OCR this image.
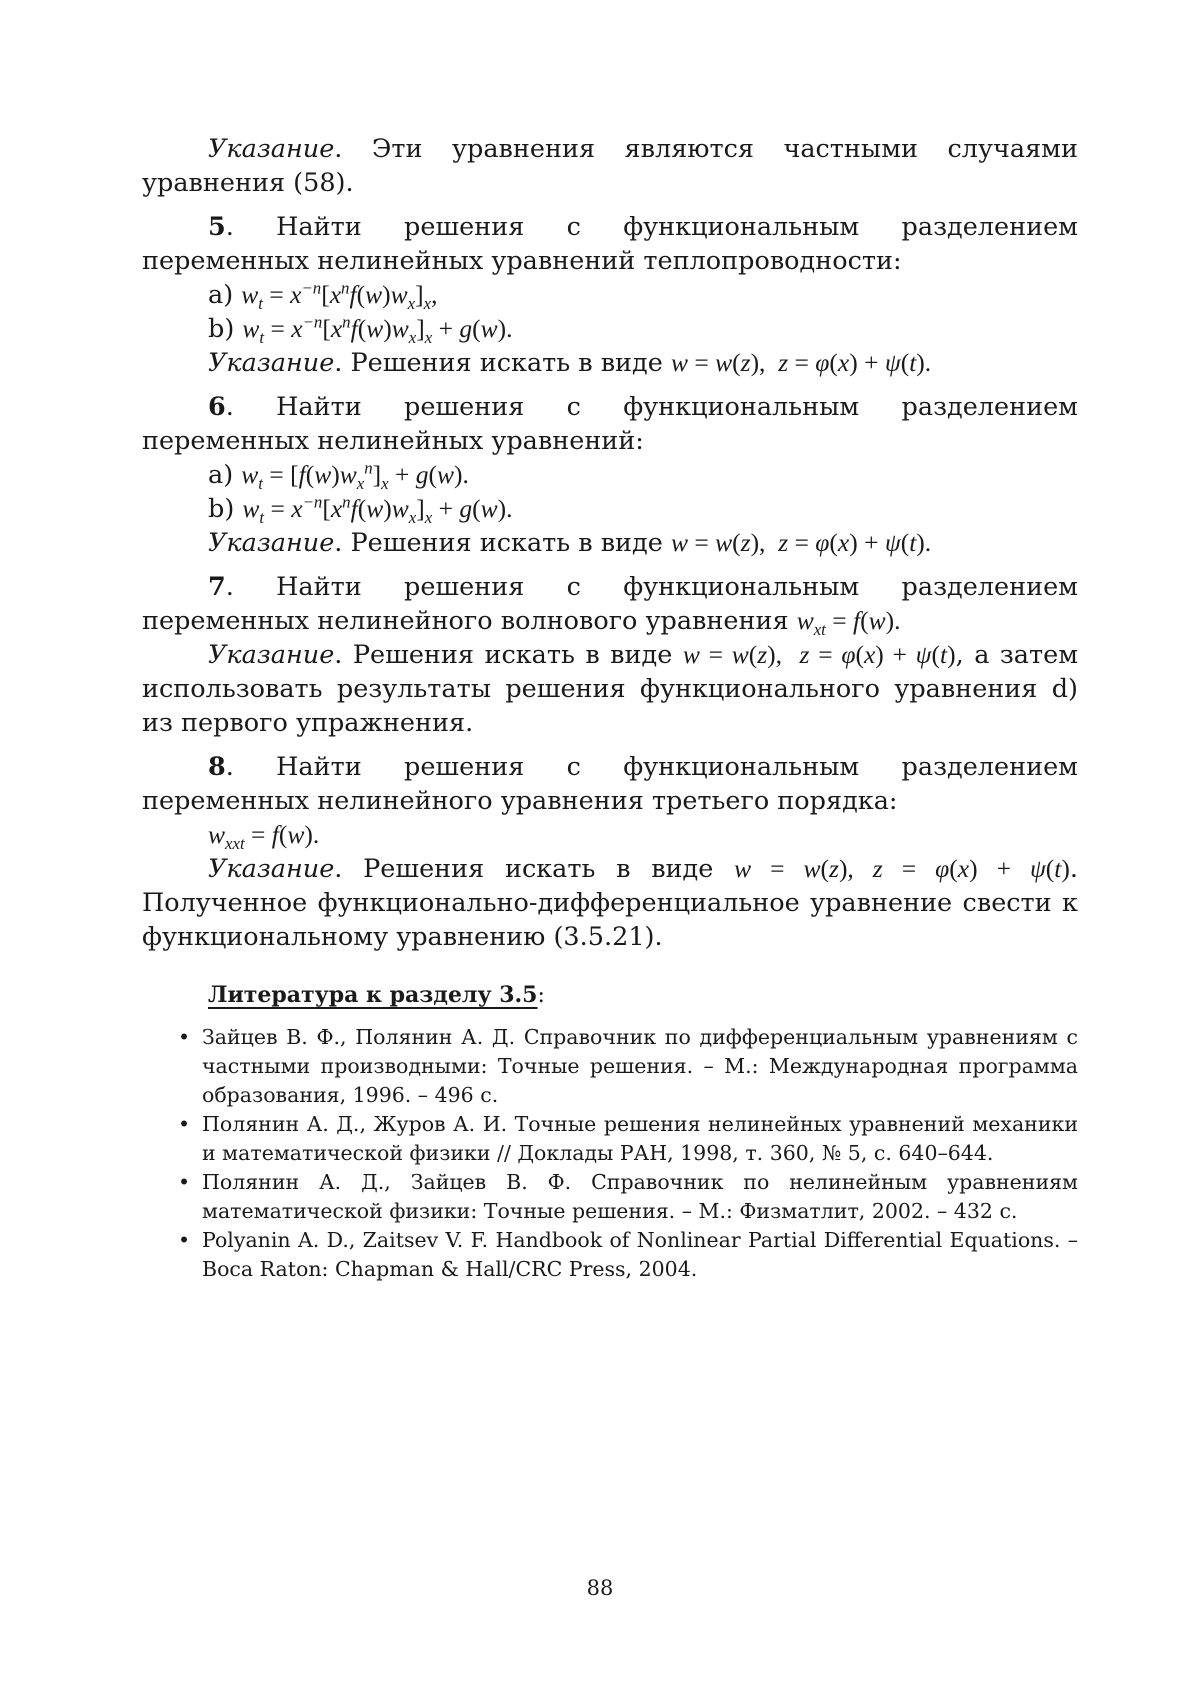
Указание. Эти уравнения являются частными случаями уравнения (58).

5. Найти решения с функциональным разделением переменных нелинейных уравнений теплопроводности:

a) $w_t = x^{-n}[x^nf(w)w_x]_x$,

b) $w_t = x^{-n}[x^nf(w)w_x]_x + g(w)$.

Указание. Решения искать в виде w = w(z),  z = φ(x) + ψ(t).

6. Найти решения с функциональным разделением переменных нелинейных уравнений:

a) $w_t = [f(w)w_x^n]_x + g(w)$.

b) $w_t = x^{-n}[x^nf(w)w_x]_x + g(w)$.

Указание. Решения искать в виде w = w(z),  z = φ(x) + ψ(t).

7. Найти решения с функциональным разделением переменных нелинейного волнового уравнения $w_{xt} = f(w)$.

Указание. Решения искать в виде w = w(z),  z = φ(x) + ψ(t), а затем использовать результаты решения функционального уравнения d) из первого упражнения.

8. Найти решения с функциональным разделением переменных нелинейного уравнения третьего порядка:

$w_{xxt} = f(w)$.

Указание. Решения искать в виде w = w(z), z = φ(x) + ψ(t). Полученное функционально-дифференциальное уравнение свести к функциональному уравнению (3.5.21).

Литература к разделу 3.5:

• Зайцев В. Ф., Полянин А. Д. Справочник по дифференциальным уравнениям с частными производными: Точные решения. – М.: Международная программа образования, 1996. – 496 с.
• Полянин А. Д., Журов А. И. Точные решения нелинейных уравнений механики и математической физики // Доклады РАН, 1998, т. 360, № 5, с. 640–644.
• Полянин А. Д., Зайцев В. Ф. Справочник по нелинейным уравнениям математической физики: Точные решения. – М.: Физматлит, 2002. – 432 с.
• Polyanin A. D., Zaitsev V. F. Handbook of Nonlinear Partial Differential Equations. – Boca Raton: Chapman & Hall/CRC Press, 2004.
88
